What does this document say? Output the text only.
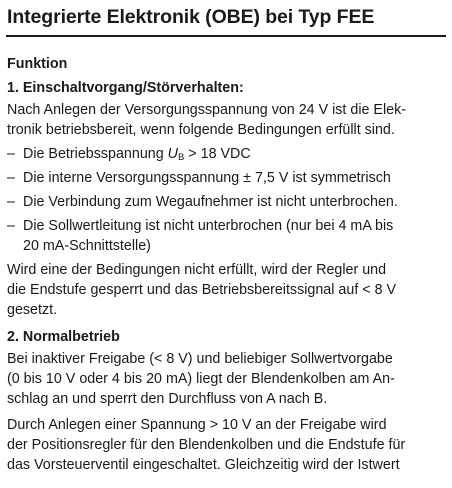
Integrierte Elektronik (OBE) bei Typ FEE

Funktion

1. Einschaltvorgang/Störverhalten:

Nach Anlegen der Versorgungsspannung von 24 V ist die Elek-
tronik betriebsbereit, wenn folgende Bedingungen erfüllt sind.

– Die Betriebsspannung $U_B > 18$ VDC
– Die interne Versorgungsspannung ± 7,5 V ist symmetrisch
– Die Verbindung zum Wegaufnehmer ist nicht unterbrochen.
– Die Sollwertleitung ist nicht unterbrochen (nur bei 4 mA bis
20 mA-Schnittstelle)

Wird eine der Bedingungen nicht erfüllt, wird der Regler und
die Endstufe gesperrt und das Betriebsbereitssignal auf < 8 V
gesetzt.

2. Normalbetrieb

Bei inaktiver Freigabe (< 8 V) und beliebiger Sollwertvorgabe
(0 bis 10 V oder 4 bis 20 mA) liegt der Blendenkolben am An-
schlag an und sperrt den Durchfluss von A nach B.

Durch Anlegen einer Spannung > 10 V an der Freigabe wird
der Positionsregler für den Blendenkolben und die Endstufe für
das Vorsteuerventil eingeschaltet. Gleichzeitig wird der Istwert
